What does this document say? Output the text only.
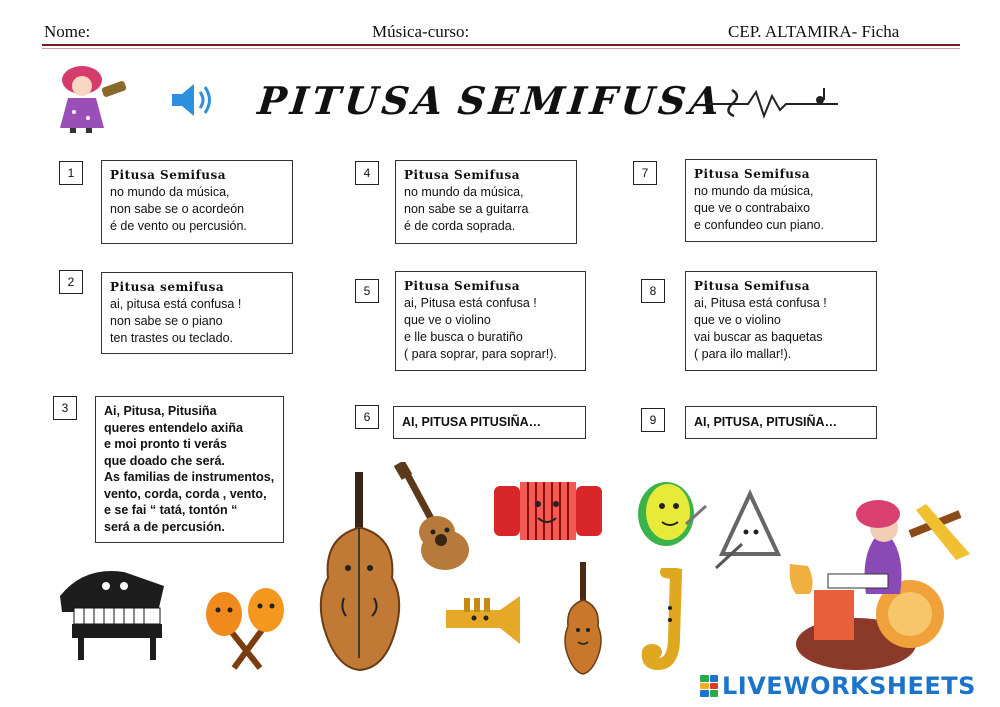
Nome:	Música-curso:	CEP. ALTAMIRA- Ficha
PITUSA SEMIFUSA
1	Pitusa Semifusa
no mundo da música,
non sabe se o acordeón
é de vento ou percusión.
2	Pitusa semifusa
ai, pitusa está confusa !
non sabe se o piano
ten trastes ou teclado.
3	Ai, Pitusa, Pitusiña
queres entendelo axiña
e moi pronto ti verás
que doado che será.
As familias de instrumentos,
vento, corda, corda , vento,
e se fai “ tatá, tontón “
será a de percusión.
4	Pitusa Semifusa
no mundo da música,
non sabe se a guitarra
é de corda soprada.
5	Pitusa Semifusa
ai, Pitusa está confusa !
que ve o violino
e lle busca o buratiño
( para soprar, para soprar!).
6	AI, PITUSA PITUSIÑA…
7	Pitusa Semifusa
no mundo da música,
que ve o contrabaixo
e confundeo cun piano.
8	Pitusa Semifusa
ai, Pitusa está confusa !
que ve o violino
vai buscar as baquetas
( para ilo mallar!).
9	AI, PITUSA, PITUSIÑA…
LIVEWORKSHEETS
